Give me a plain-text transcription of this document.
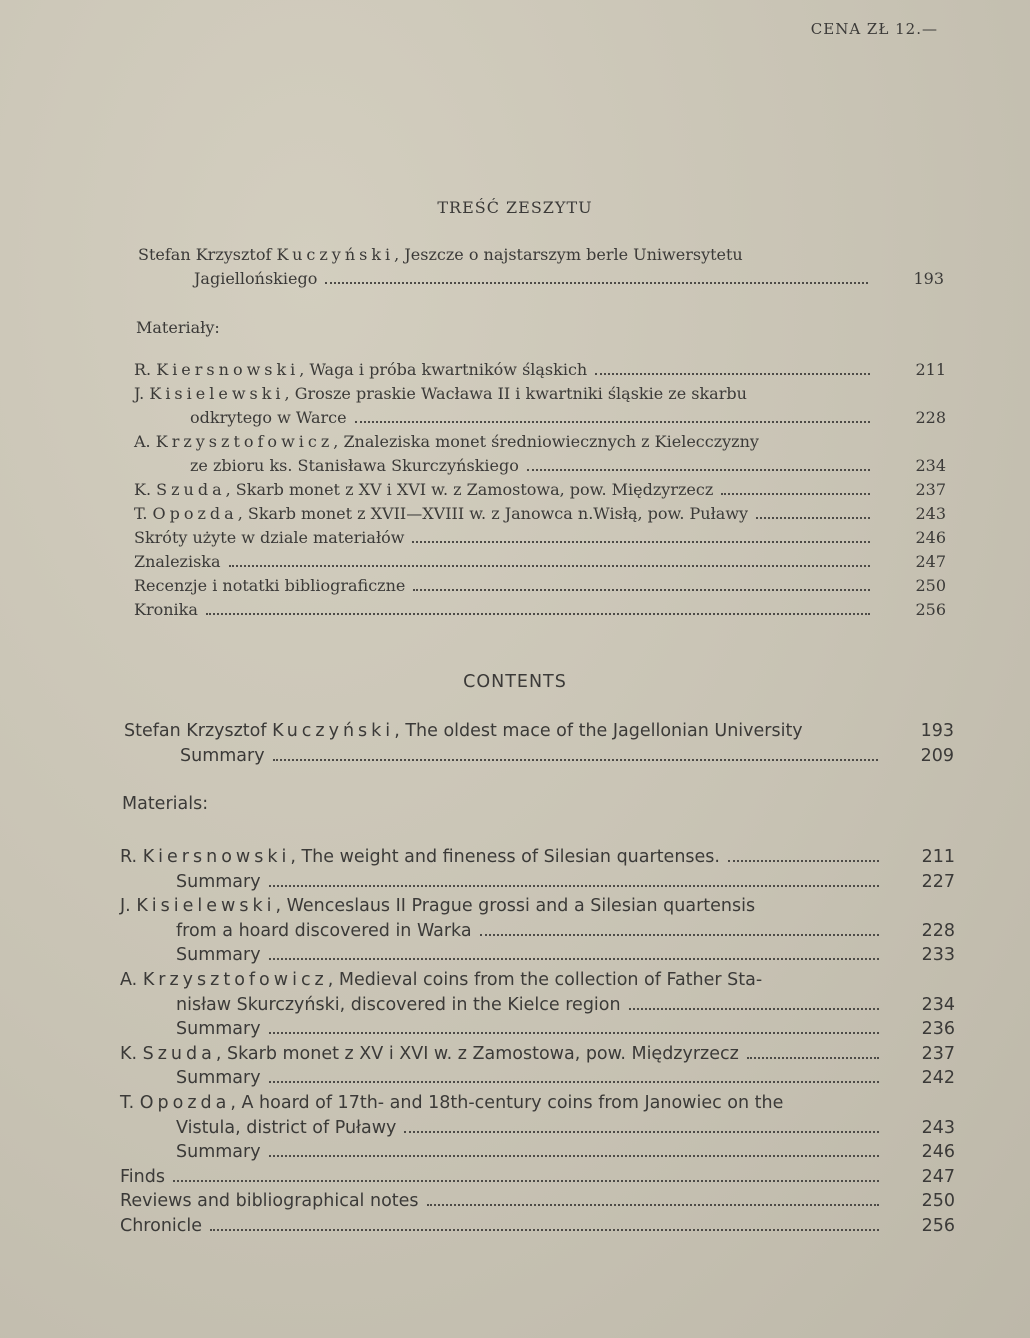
CENA ZŁ 12.—
TREŚĆ ZESZYTU
Stefan Krzysztof Kuczyński, Jeszcze o najstarszym berle Uniwersytetu
Jagiellońskiego	193
Materiały:
R. Kiersnowski, Waga i próba kwartników śląskich	211
J. Kisielewski, Grosze praskie Wacława II i kwartniki śląskie ze skarbu
odkrytego w Warce	228
A. Krzysztofowicz, Znaleziska monet średniowiecznych z Kielecczyzny
ze zbioru ks. Stanisława Skurczyńskiego	234
K. Szuda, Skarb monet z XV i XVI w. z Zamostowa, pow. Międzyrzecz	237
T. Opozda, Skarb monet z XVII—XVIII w. z Janowca n.Wisłą, pow. Puławy	243
Skróty użyte w dziale materiałów	246
Znaleziska	247
Recenzje i notatki bibliograficzne	250
Kronika	256
CONTENTS
Stefan Krzysztof Kuczyński, The oldest mace of the Jagellonian University	193
Summary	209
Materials:
R. Kiersnowski, The weight and fineness of Silesian quartenses.	211
Summary	227
J. Kisielewski, Wenceslaus II Prague grossi and a Silesian quartensis
from a hoard discovered in Warka	228
Summary	233
A. Krzysztofowicz, Medieval coins from the collection of Father Sta-
nisław Skurczyński, discovered in the Kielce region	234
Summary	236
K. Szuda, Skarb monet z XV i XVI w. z Zamostowa, pow. Międzyrzecz	237
Summary	242
T. Opozda, A hoard of 17th- and 18th-century coins from Janowiec on the
Vistula, district of Puławy	243
Summary	246
Finds	247
Reviews and bibliographical notes	250
Chronicle	256
